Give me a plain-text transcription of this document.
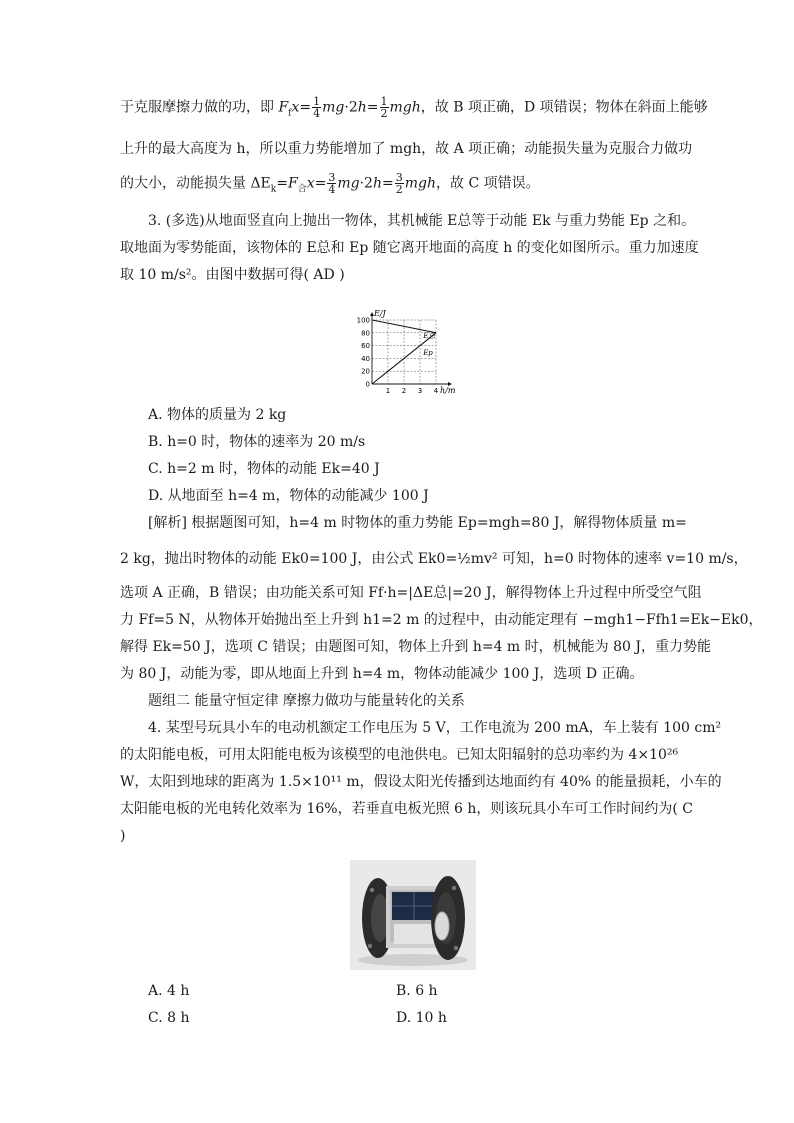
于克服摩擦力做的功，即 $F_fx= \frac{1}{4} mg\cdot 2h= \frac{1}{2}$ mgh，故 B 项正确，D 项错误；物体在斜面上能够
上升的最大高度为 h，所以重力势能增加了 mgh，故 A 项正确；动能损失量为克服合力做功
的大小，动能损失量 $\Delta E_k=F_合x= \frac{3}{4} mg\cdot 2h= \frac{3}{2}$ mgh，故 C 项错误。
3. (多选)从地面竖直向上抛出一物体，其机械能 E总等于动能 Ek 与重力势能 Ep 之和。
取地面为零势能面，该物体的 E总和 Ep 随它离开地面的高度 h 的变化如图所示。重力加速度
取 10 m/s²。由图中数据可得( AD )
1 2 3 4
0
20
40
60
80
100
E总
Ep
h/m
E/J
A. 物体的质量为 2 kg
B. h=0 时，物体的速率为 20 m/s
C. h=2 m 时，物体的动能 Ek=40 J
D. 从地面至 h=4 m，物体的动能减少 100 J
[解析] 根据题图可知，h=4 m 时物体的重力势能 Ep=mgh=80 J，解得物体质量 m=
2 kg，抛出时物体的动能 Ek0=100 J，由公式 Ek0=½mv² 可知，h=0 时物体的速率 v=10 m/s，
选项 A 正确，B 错误；由功能关系可知 Ff·h=|ΔE总|=20 J，解得物体上升过程中所受空气阻
力 Ff=5 N，从物体开始抛出至上升到 h1=2 m 的过程中，由动能定理有 −mgh1−Ffh1=Ek−Ek0，
解得 Ek=50 J，选项 C 错误；由题图可知，物体上升到 h=4 m 时，机械能为 80 J，重力势能
为 80 J，动能为零，即从地面上升到 h=4 m，物体动能减少 100 J，选项 D 正确。
题组二 能量守恒定律 摩擦力做功与能量转化的关系
4. 某型号玩具小车的电动机额定工作电压为 5 V，工作电流为 200 mA，车上装有 100 cm²
的太阳能电板，可用太阳能电板为该模型的电池供电。已知太阳辐射的总功率约为 4×10²⁶
W，太阳到地球的距离为 1.5×10¹¹ m，假设太阳光传播到达地面约有 40% 的能量损耗，小车的
太阳能电板的光电转化效率为 16%，若垂直电板光照 6 h，则该玩具小车可工作时间约为( C
)
A. 4 h	B. 6 h
C. 8 h	D. 10 h
